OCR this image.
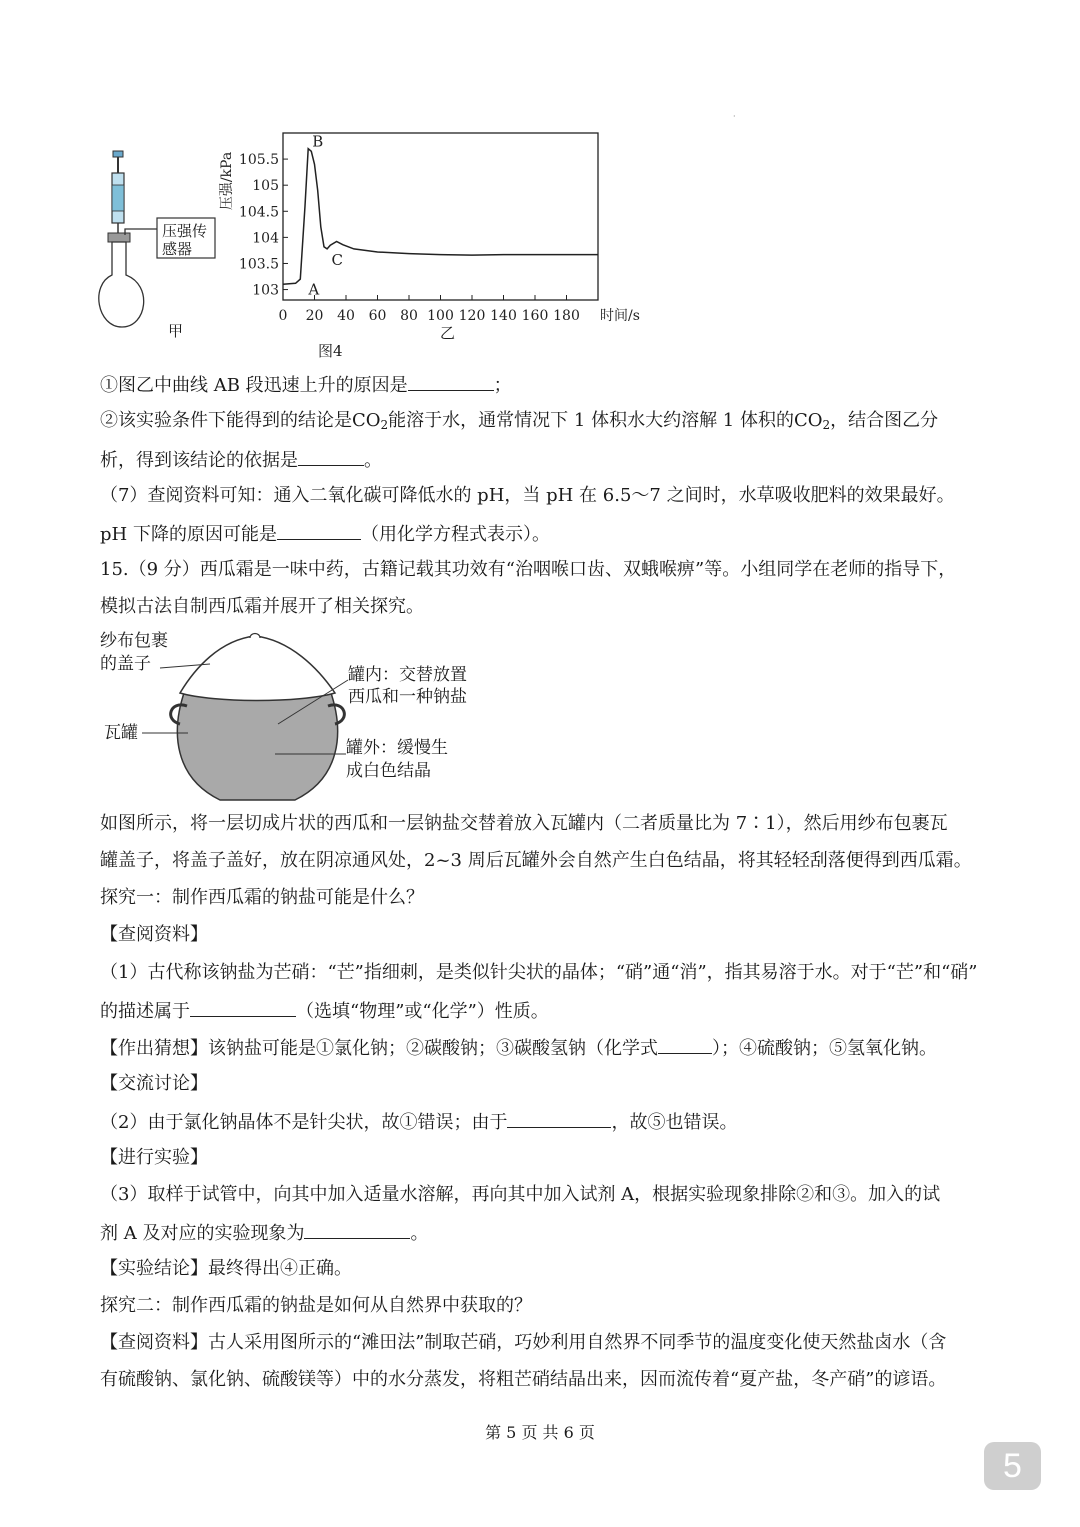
压强传
感器
甲
103
103.5
104
104.5
105
105.5
0 20 40 60 80 100 120 140 160 180 时间/s
压强/kPa
A
B
C
乙
图4
·
①图乙中曲线 AB 段迅速上升的原因是	；
②该实验条件下能得到的结论是$CO_2$能溶于水，通常情况下 1 体积水大约溶解 1 体积的$CO_2$，结合图乙分
析，得到该结论的依据是	。
（7）查阅资料可知：通入二氧化碳可降低水的 pH，当 pH 在 6.5～7 之间时，水草吸收肥料的效果最好。
pH 下降的原因可能是	（用化学方程式表示）。
15.（9 分）西瓜霜是一味中药，古籍记载其功效有“治咽喉口齿、双蛾喉痹”等。小组同学在老师的指导下，
模拟古法自制西瓜霜并展开了相关探究。
纱布包裹
的盖子
罐内：交替放置
西瓜和一种钠盐
瓦罐
罐外：缓慢生
成白色结晶
如图所示，将一层切成片状的西瓜和一层钠盐交替着放入瓦罐内（二者质量比为 7∶1），然后用纱布包裹瓦
罐盖子，将盖子盖好，放在阴凉通风处，2~3 周后瓦罐外会自然产生白色结晶，将其轻轻刮落便得到西瓜霜。
探究一：制作西瓜霜的钠盐可能是什么？
【查阅资料】
（1）古代称该钠盐为芒硝：“芒”指细刺，是类似针尖状的晶体；“硝”通“消”，指其易溶于水。对于“芒”和“硝”
的描述属于	（选填“物理”或“化学”）性质。
【作出猜想】该钠盐可能是①氯化钠；②碳酸钠；③碳酸氢钠（化学式	）；④硫酸钠；⑤氢氧化钠。
【交流讨论】
（2）由于氯化钠晶体不是针尖状，故①错误；由于	，故⑤也错误。
【进行实验】
（3）取样于试管中，向其中加入适量水溶解，再向其中加入试剂 A，根据实验现象排除②和③。加入的试
剂 A 及对应的实验现象为	。
【实验结论】最终得出④正确。
探究二：制作西瓜霜的钠盐是如何从自然界中获取的？
【查阅资料】古人采用图所示的“滩田法”制取芒硝，巧妙利用自然界不同季节的温度变化使天然盐卤水（含
有硫酸钠、氯化钠、硫酸镁等）中的水分蒸发，将粗芒硝结晶出来，因而流传着“夏产盐，冬产硝”的谚语。
第 5 页 共 6 页
5
